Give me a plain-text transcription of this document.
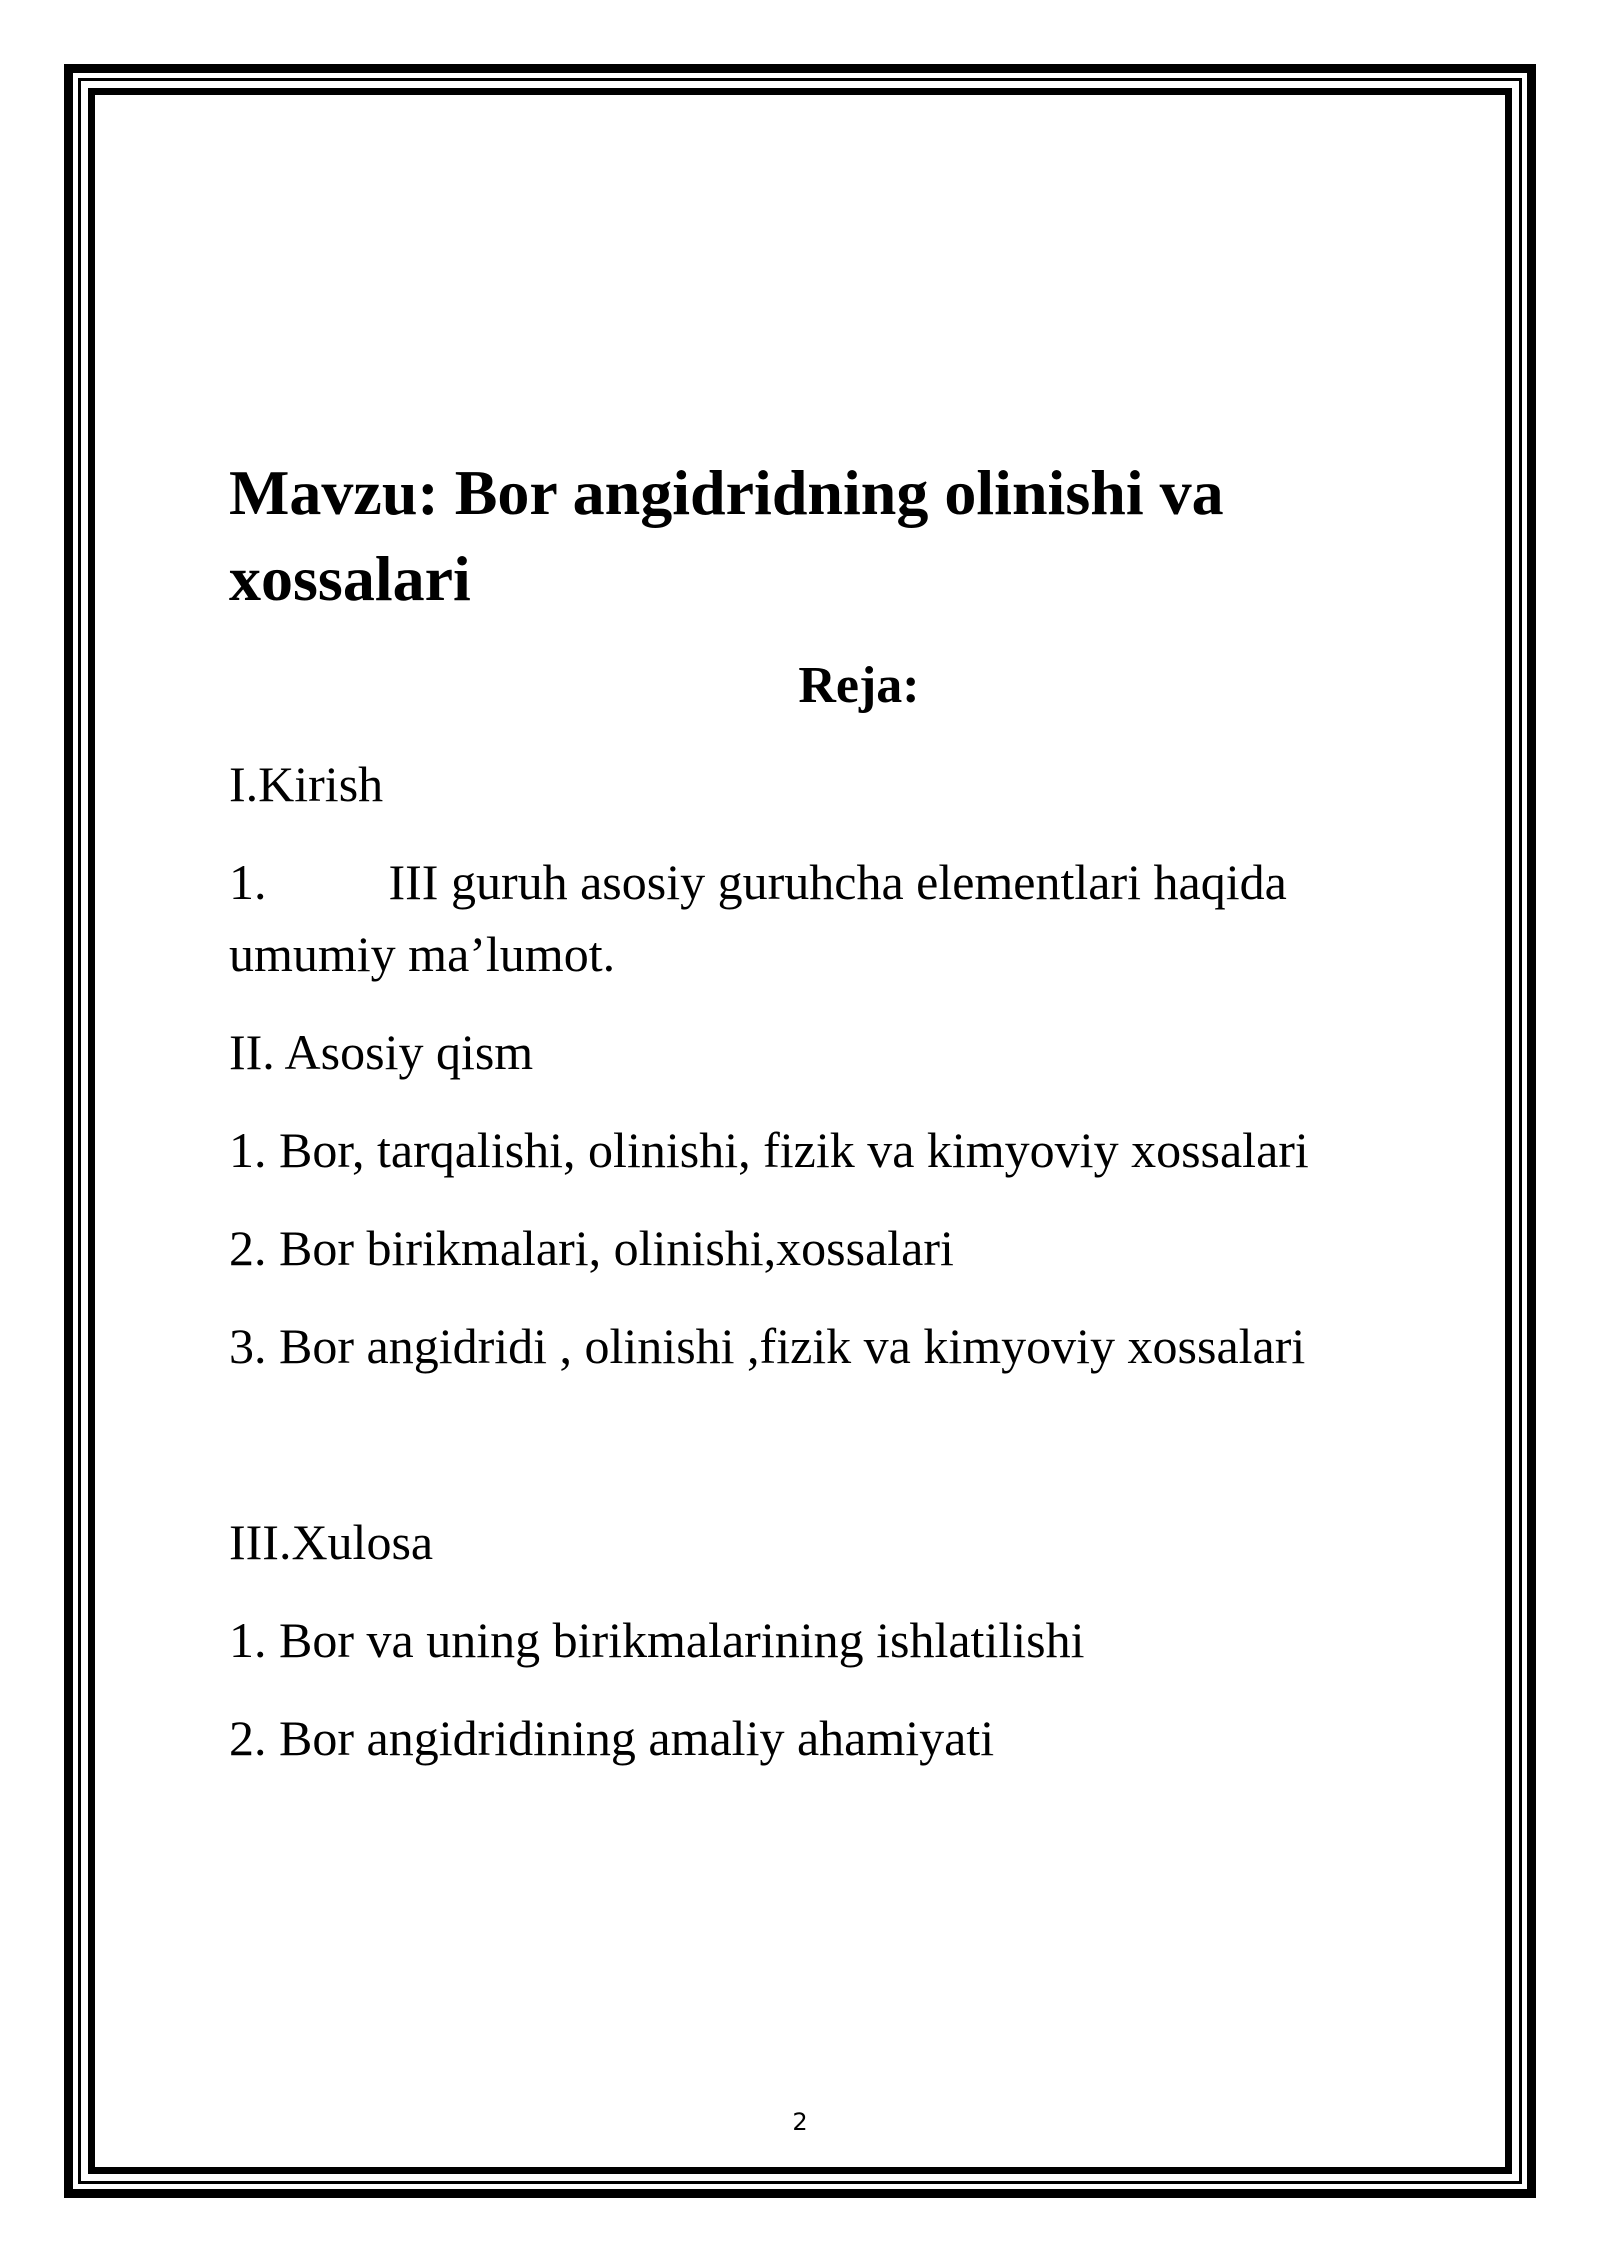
Mavzu: Bor angidridning olinishi va xossalari

Reja:

I.Kirish

1. III guruh asosiy guruhcha elementlari haqida

umumiy ma’lumot.

II. Asosiy qism

1. Bor, tarqalishi, olinishi, fizik va kimyoviy xossalari

2. Bor birikmalari, olinishi,xossalari

3. Bor angidridi , olinishi ,fizik va kimyoviy xossalari

III.Xulosa

1. Bor va uning birikmalarining ishlatilishi

2. Bor angidridining amaliy ahamiyati

2
